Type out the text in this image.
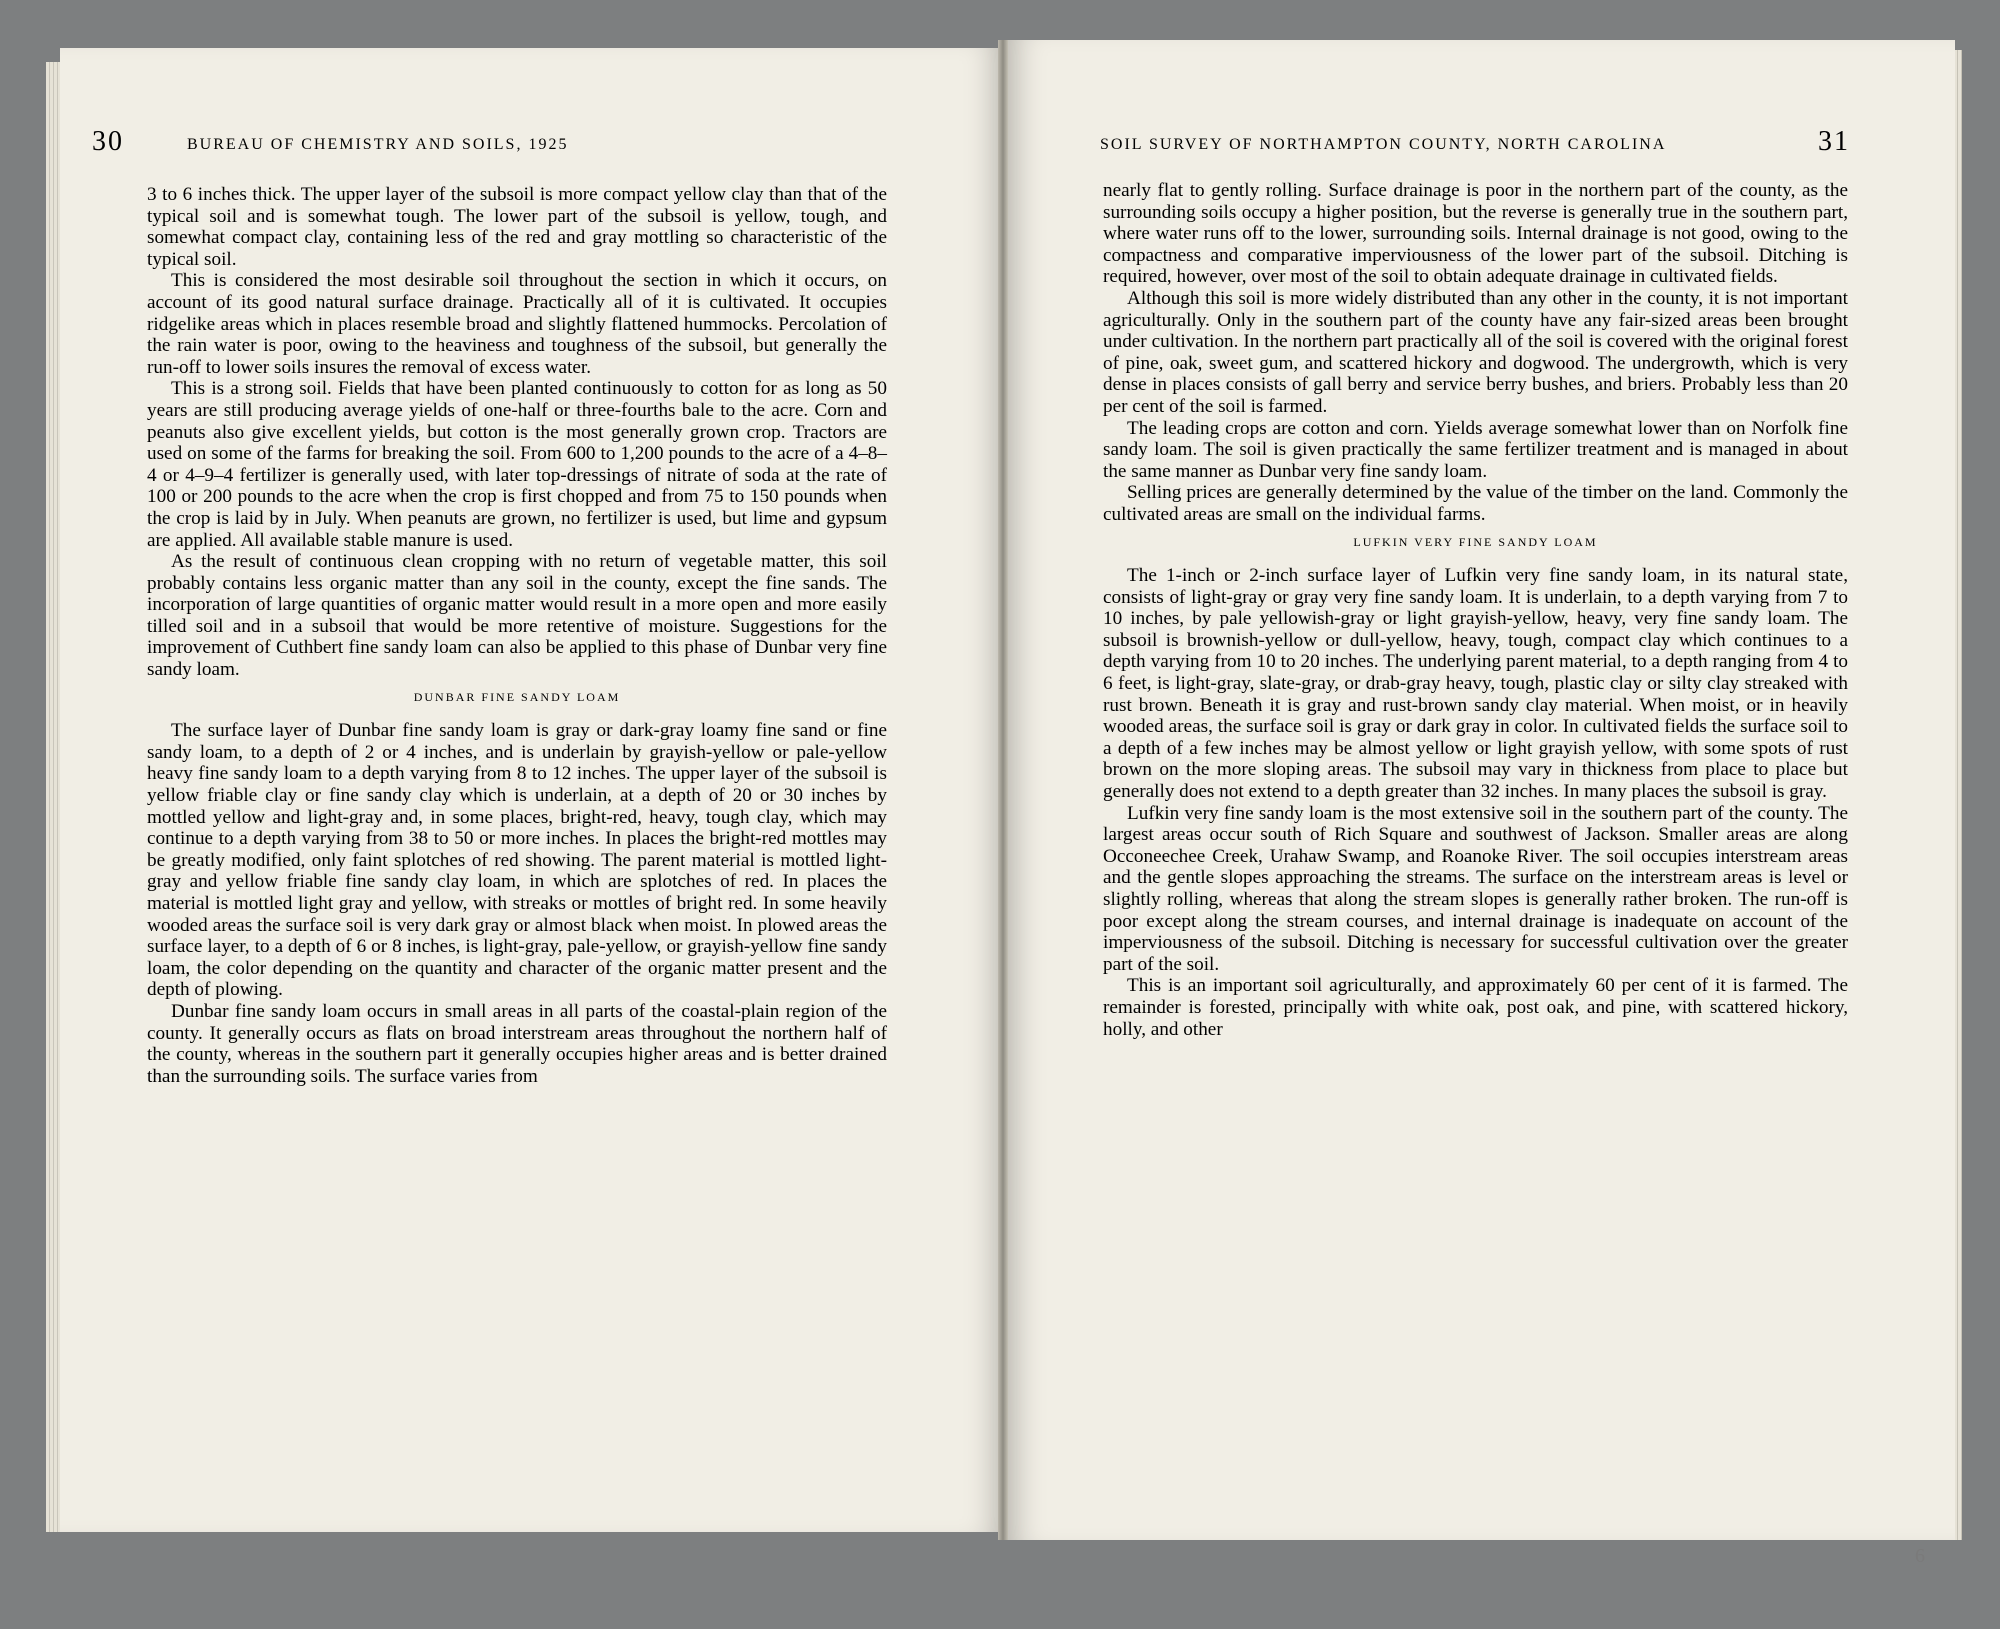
30	BUREAU OF CHEMISTRY AND SOILS, 1925	SOIL SURVEY OF NORTHAMPTON COUNTY, NORTH CAROLINA	31

3 to 6 inches thick. The upper layer of the subsoil is more compact yellow clay than that of the typical soil and is somewhat tough. The lower part of the subsoil is yellow, tough, and somewhat compact clay, containing less of the red and gray mottling so characteristic of the typical soil.

This is considered the most desirable soil throughout the section in which it occurs, on account of its good natural surface drainage. Practically all of it is cultivated. It occupies ridgelike areas which in places resemble broad and slightly flattened hummocks. Percolation of the rain water is poor, owing to the heaviness and toughness of the subsoil, but generally the run-off to lower soils insures the removal of excess water.

This is a strong soil. Fields that have been planted continuously to cotton for as long as 50 years are still producing average yields of one-half or three-fourths bale to the acre. Corn and peanuts also give excellent yields, but cotton is the most generally grown crop. Tractors are used on some of the farms for breaking the soil. From 600 to 1,200 pounds to the acre of a 4–8–4 or 4–9–4 fertilizer is generally used, with later top-dressings of nitrate of soda at the rate of 100 or 200 pounds to the acre when the crop is first chopped and from 75 to 150 pounds when the crop is laid by in July. When peanuts are grown, no fertilizer is used, but lime and gypsum are applied. All available stable manure is used.

As the result of continuous clean cropping with no return of vegetable matter, this soil probably contains less organic matter than any soil in the county, except the fine sands. The incorporation of large quantities of organic matter would result in a more open and more easily tilled soil and in a subsoil that would be more retentive of moisture. Suggestions for the improvement of Cuthbert fine sandy loam can also be applied to this phase of Dunbar very fine sandy loam.

DUNBAR FINE SANDY LOAM

The surface layer of Dunbar fine sandy loam is gray or dark-gray loamy fine sand or fine sandy loam, to a depth of 2 or 4 inches, and is underlain by grayish-yellow or pale-yellow heavy fine sandy loam to a depth varying from 8 to 12 inches. The upper layer of the subsoil is yellow friable clay or fine sandy clay which is underlain, at a depth of 20 or 30 inches by mottled yellow and light-gray and, in some places, bright-red, heavy, tough clay, which may continue to a depth varying from 38 to 50 or more inches. In places the bright-red mottles may be greatly modified, only faint splotches of red showing. The parent material is mottled light-gray and yellow friable fine sandy clay loam, in which are splotches of red. In places the material is mottled light gray and yellow, with streaks or mottles of bright red. In some heavily wooded areas the surface soil is very dark gray or almost black when moist. In plowed areas the surface layer, to a depth of 6 or 8 inches, is light-gray, pale-yellow, or grayish-yellow fine sandy loam, the color depending on the quantity and character of the organic matter present and the depth of plowing.

Dunbar fine sandy loam occurs in small areas in all parts of the coastal-plain region of the county. It generally occurs as flats on broad interstream areas throughout the northern half of the county, whereas in the southern part it generally occupies higher areas and is better drained than the surrounding soils. The surface varies from

nearly flat to gently rolling. Surface drainage is poor in the northern part of the county, as the surrounding soils occupy a higher position, but the reverse is generally true in the southern part, where water runs off to the lower, surrounding soils. Internal drainage is not good, owing to the compactness and comparative imperviousness of the lower part of the subsoil. Ditching is required, however, over most of the soil to obtain adequate drainage in cultivated fields.

Although this soil is more widely distributed than any other in the county, it is not important agriculturally. Only in the southern part of the county have any fair-sized areas been brought under cultivation. In the northern part practically all of the soil is covered with the original forest of pine, oak, sweet gum, and scattered hickory and dogwood. The undergrowth, which is very dense in places consists of gall berry and service berry bushes, and briers. Probably less than 20 per cent of the soil is farmed.

The leading crops are cotton and corn. Yields average somewhat lower than on Norfolk fine sandy loam. The soil is given practically the same fertilizer treatment and is managed in about the same manner as Dunbar very fine sandy loam.

Selling prices are generally determined by the value of the timber on the land. Commonly the cultivated areas are small on the individual farms.

LUFKIN VERY FINE SANDY LOAM

The 1-inch or 2-inch surface layer of Lufkin very fine sandy loam, in its natural state, consists of light-gray or gray very fine sandy loam. It is underlain, to a depth varying from 7 to 10 inches, by pale yellowish-gray or light grayish-yellow, heavy, very fine sandy loam. The subsoil is brownish-yellow or dull-yellow, heavy, tough, compact clay which continues to a depth varying from 10 to 20 inches. The underlying parent material, to a depth ranging from 4 to 6 feet, is light-gray, slate-gray, or drab-gray heavy, tough, plastic clay or silty clay streaked with rust brown. Beneath it is gray and rust-brown sandy clay material. When moist, or in heavily wooded areas, the surface soil is gray or dark gray in color. In cultivated fields the surface soil to a depth of a few inches may be almost yellow or light grayish yellow, with some spots of rust brown on the more sloping areas. The subsoil may vary in thickness from place to place but generally does not extend to a depth greater than 32 inches. In many places the subsoil is gray.

Lufkin very fine sandy loam is the most extensive soil in the southern part of the county. The largest areas occur south of Rich Square and southwest of Jackson. Smaller areas are along Occoneechee Creek, Urahaw Swamp, and Roanoke River. The soil occupies interstream areas and the gentle slopes approaching the streams. The surface on the interstream areas is level or slightly rolling, whereas that along the stream slopes is generally rather broken. The run-off is poor except along the stream courses, and internal drainage is inadequate on account of the imperviousness of the subsoil. Ditching is necessary for successful cultivation over the greater part of the soil.

This is an important soil agriculturally, and approximately 60 per cent of it is farmed. The remainder is forested, principally with white oak, post oak, and pine, with scattered hickory, holly, and other

6
